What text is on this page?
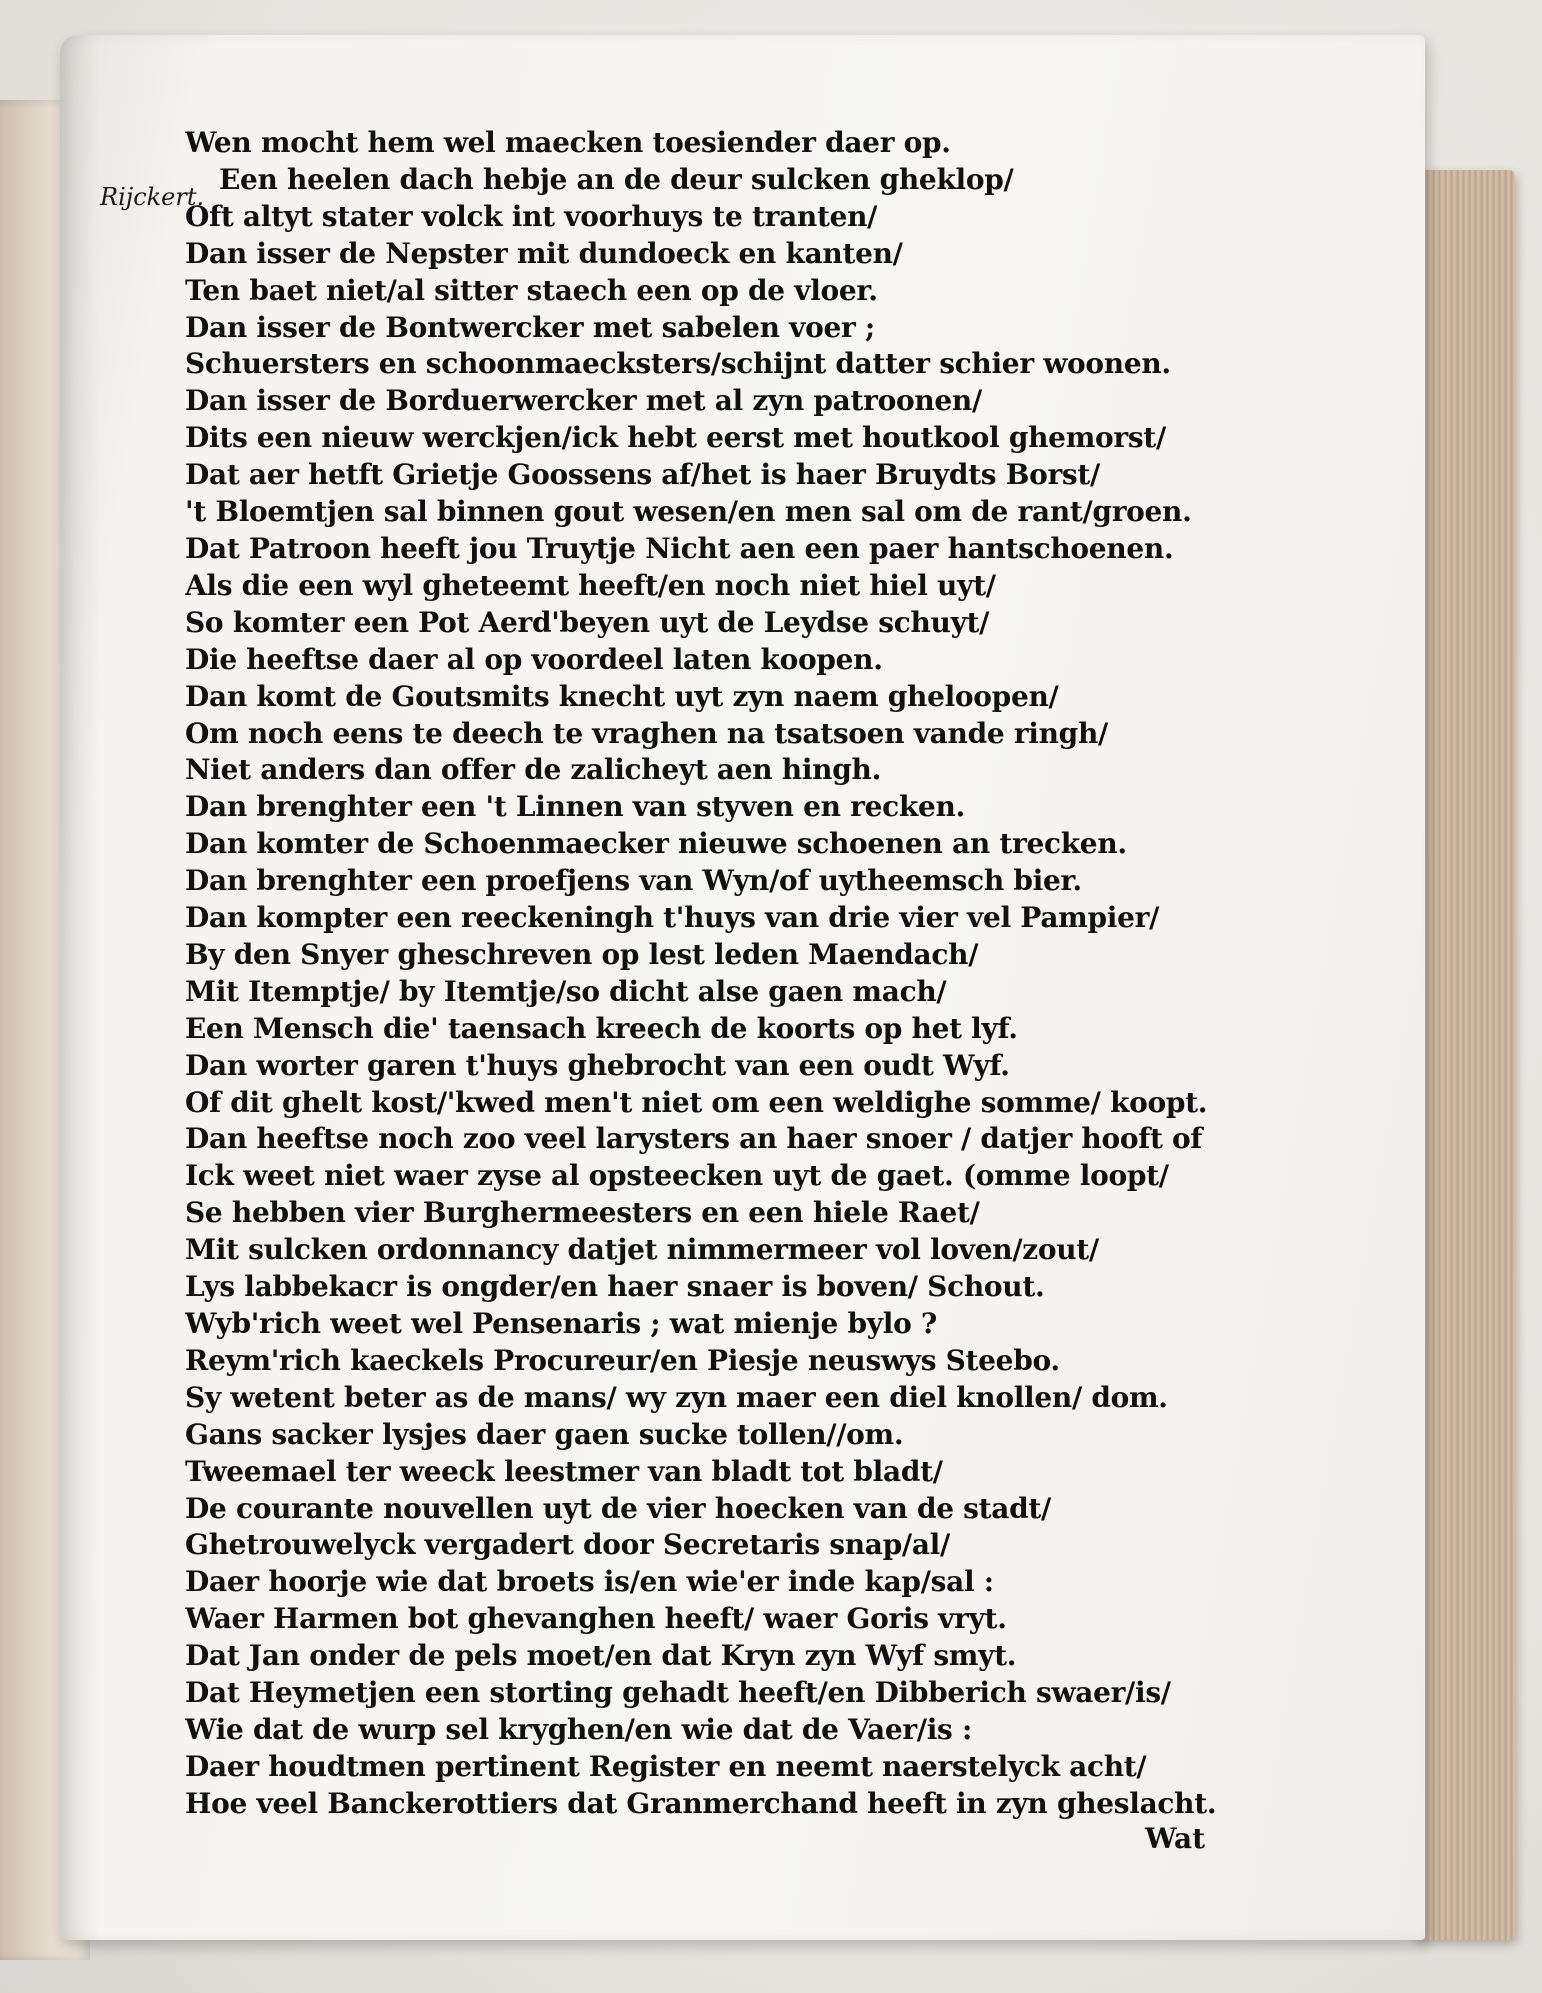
Rijckert.
Wen mocht hem wel maecken toesiender daer op.
Een heelen dach hebje an de deur sulcken gheklop/
Oft altyt stater volck int voorhuys te tranten/
Dan isser de Nepster mit dundoeck en kanten/
Ten baet niet/al sitter staech een op de vloer.
Dan isser de Bontwercker met sabelen voer ;
Schuersters en schoonmaecksters/schijnt datter schier woonen.
Dan isser de Borduerwercker met al zyn patroonen/
Dits een nieuw werckjen/ick hebt eerst met houtkool ghemorst/
Dat aer hetft Grietje Goossens af/het is haer Bruydts Borst/
't Bloemtjen sal binnen gout wesen/en men sal om de rant/groen.
Dat Patroon heeft jou Truytje Nicht aen een paer hantschoenen.
Als die een wyl gheteemt heeft/en noch niet hiel uyt/
So komter een Pot Aerd'beyen uyt de Leydse schuyt/
Die heeftse daer al op voordeel laten koopen.
Dan komt de Goutsmits knecht uyt zyn naem gheloopen/
Om noch eens te deech te vraghen na tsatsoen vande ringh/
Niet anders dan offer de zalicheyt aen hingh.
Dan brenghter een 't Linnen van styven en recken.
Dan komter de Schoenmaecker nieuwe schoenen an trecken.
Dan brenghter een proefjens van Wyn/of uytheemsch bier.
Dan kompter een reeckeningh t'huys van drie vier vel Pampier/
By den Snyer gheschreven op lest leden Maendach/
Mit Itemptje/ by Itemtje/so dicht alse gaen mach/
Een Mensch die' taensach kreech de koorts op het lyf.
Dan worter garen t'huys ghebrocht van een oudt Wyf.
Of dit ghelt kost/'kwed men't niet om een weldighe somme/ koopt.
Dan heeftse noch zoo veel larysters an haer snoer / datjer hooft of
Ick weet niet waer zyse al opsteecken uyt de gaet. (omme loopt/
Se hebben vier Burghermeesters en een hiele Raet/
Mit sulcken ordonnancy datjet nimmermeer vol loven/zout/
Lys labbekacr is ongder/en haer snaer is boven/ Schout.
Wyb'rich weet wel Pensenaris ; wat mienje bylo ?
Reym'rich kaeckels Procureur/en Piesje neuswys Steebo.
Sy wetent beter as de mans/ wy zyn maer een diel knollen/ dom.
Gans sacker lysjes daer gaen sucke tollen//om.
Tweemael ter weeck leestmer van bladt tot bladt/
De courante nouvellen uyt de vier hoecken van de stadt/
Ghetrouwelyck vergadert door Secretaris snap/al/
Daer hoorje wie dat broets is/en wie'er inde kap/sal :
Waer Harmen bot ghevanghen heeft/ waer Goris vryt.
Dat Jan onder de pels moet/en dat Kryn zyn Wyf smyt.
Dat Heymetjen een storting gehadt heeft/en Dibberich swaer/is/
Wie dat de wurp sel kryghen/en wie dat de Vaer/is :
Daer houdtmen pertinent Register en neemt naerstelyck acht/
Hoe veel Banckerottiers dat Granmerchand heeft in zyn gheslacht.
Wat
